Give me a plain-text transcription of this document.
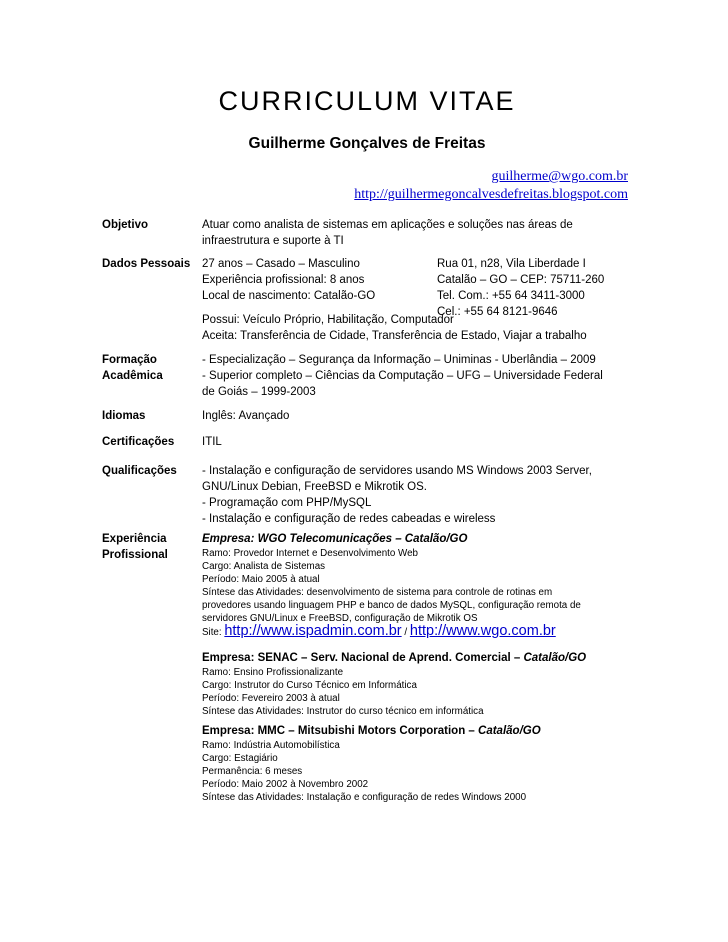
CURRICULUM VITAE
Guilherme Gonçalves de Freitas
guilherme@wgo.com.br
http://guilhermegoncalvesdefreitas.blogspot.com
Objetivo	Atuar como analista de sistemas em aplicações e soluções nas áreas de
infraestrutura e suporte à TI
Dados Pessoais 27 anos – Casado – Masculino
Experiência profissional: 8 anos
Local de nascimento: Catalão-GO
Rua 01, n28, Vila Liberdade I
Catalão – GO – CEP: 75711-260
Tel. Com.: +55 64 3411-3000
Cel.: +55 64 8121-9646
Possui: Veículo Próprio, Habilitação, Computador
Aceita: Transferência de Cidade, Transferência de Estado, Viajar a trabalho
Formação
Acadêmica
- Especialização – Segurança da Informação – Uniminas - Uberlândia – 2009
- Superior completo – Ciências da Computação – UFG – Universidade Federal
de Goiás – 1999-2003
Idiomas	Inglês: Avançado
Certificações ITIL
Qualificações - Instalação e configuração de servidores usando MS Windows 2003 Server,
GNU/Linux Debian, FreeBSD e Mikrotik OS.
- Programação com PHP/MySQL
- Instalação e configuração de redes cabeadas e wireless
Experiência
Profissional
Empresa: WGO Telecomunicações – Catalão/GO
Ramo: Provedor Internet e Desenvolvimento Web
Cargo: Analista de Sistemas
Período: Maio 2005 à atual
Síntese das Atividades: desenvolvimento de sistema para controle de rotinas em
provedores usando linguagem PHP e banco de dados MySQL, configuração remota de
servidores GNU/Linux e FreeBSD, configuração de Mikrotik OS
Site: http://www.ispadmin.com.br / http://www.wgo.com.br
Empresa: SENAC – Serv. Nacional de Aprend. Comercial – Catalão/GO
Ramo: Ensino Profissionalizante
Cargo: Instrutor do Curso Técnico em Informática
Período: Fevereiro 2003 à atual
Síntese das Atividades: Instrutor do curso técnico em informática
Empresa: MMC – Mitsubishi Motors Corporation – Catalão/GO
Ramo: Indústria Automobilística
Cargo: Estagiário
Permanência: 6 meses
Período: Maio 2002 à Novembro 2002
Síntese das Atividades: Instalação e configuração de redes Windows 2000
